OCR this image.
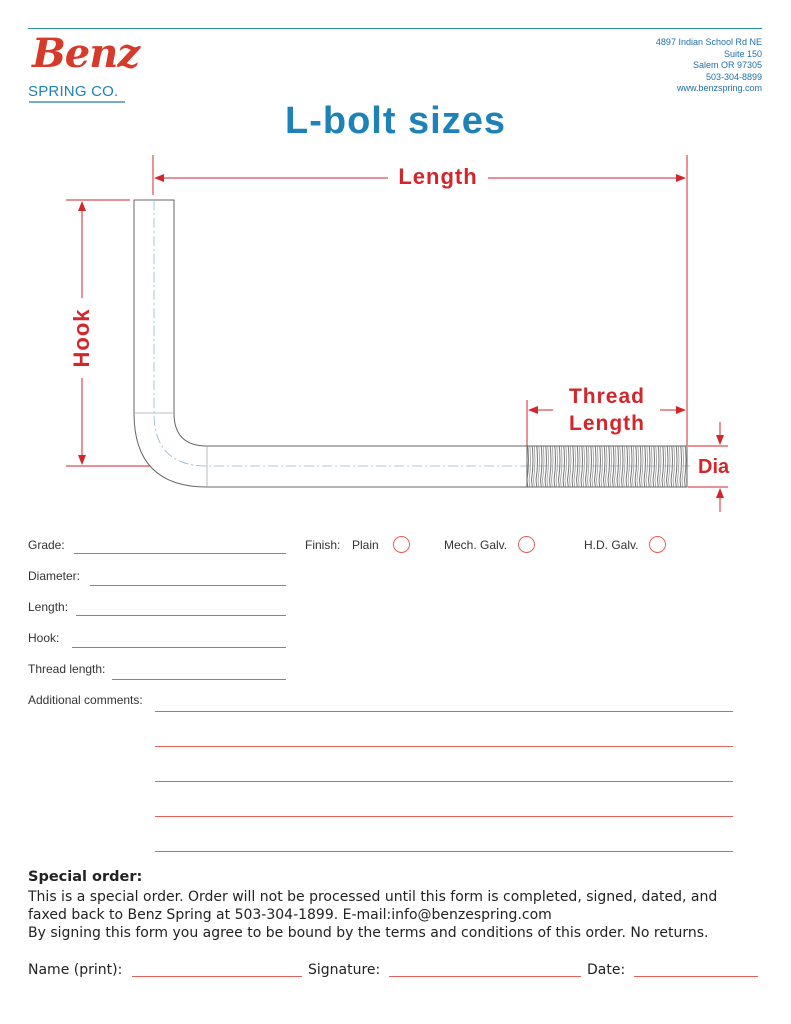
Benz
SPRING CO.
4897 Indian School Rd NE
Suite 150
Salem OR 97305
503-304-8899
www.benzspring.com
L-bolt sizes
Length
Hook
Thread
Length
Dia
Grade:	Finish: Plain	Mech. Galv.	H.D. Galv.
Diameter:
Length:
Hook:
Thread length:
Additional comments:
Special order:
This is a special order. Order will not be processed until this form is completed, signed, dated, and
faxed back to Benz Spring at 503-304-1899. E-mail:info@benzespring.com
By signing this form you agree to be bound by the terms and conditions of this order. No returns.
Name (print):	Signature:	Date:
